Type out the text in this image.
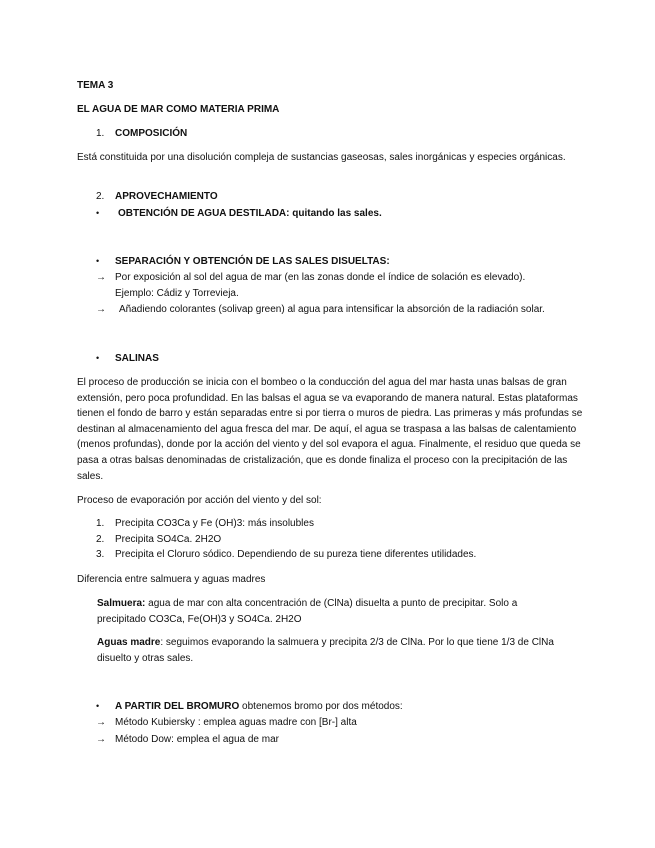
TEMA 3
EL AGUA DE MAR COMO MATERIA PRIMA
1. COMPOSICIÓN
Está constituida por una disolución compleja de sustancias gaseosas, sales inorgánicas y especies orgánicas.
2. APROVECHAMIENTO
• OBTENCIÓN DE AGUA DESTILADA: quitando las sales.
• SEPARACIÓN Y OBTENCIÓN DE LAS SALES DISUELTAS:
→ Por exposición al sol del agua de mar (en las zonas donde el índice de solación es elevado).
Ejemplo: Cádiz y Torrevieja.
→ Añadiendo colorantes (solivap green) al agua para intensificar la absorción de la radiación solar.
• SALINAS
El proceso de producción se inicia con el bombeo o la conducción del agua del mar hasta unas balsas de gran extensión, pero poca profundidad. En las balsas el agua se va evaporando de manera natural. Estas plataformas tienen el fondo de barro y están separadas entre si por tierra o muros de piedra. Las primeras y más profundas se destinan al almacenamiento del agua fresca del mar. De aquí, el agua se traspasa a las balsas de calentamiento (menos profundas), donde por la acción del viento y del sol evapora el agua. Finalmente, el residuo que queda se pasa a otras balsas denominadas de cristalización, que es donde finaliza el proceso con la precipitación de las sales.
Proceso de evaporación por acción del viento y del sol:
1. Precipita CO3Ca y Fe (OH)3: más insolubles
2. Precipita SO4Ca. 2H2O
3. Precipita el Cloruro sódico. Dependiendo de su pureza tiene diferentes utilidades.
Diferencia entre salmuera y aguas madres
Salmuera: agua de mar con alta concentración de (ClNa) disuelta a punto de precipitar. Solo a precipitado CO3Ca, Fe(OH)3 y SO4Ca. 2H2O
Aguas madre: seguimos evaporando la salmuera y precipita 2/3 de ClNa. Por lo que tiene 1/3 de ClNa disuelto y otras sales.
• A PARTIR DEL BROMURO obtenemos bromo por dos métodos:
→ Método Kubiersky : emplea aguas madre con [Br-] alta
→ Método Dow: emplea el agua de mar
